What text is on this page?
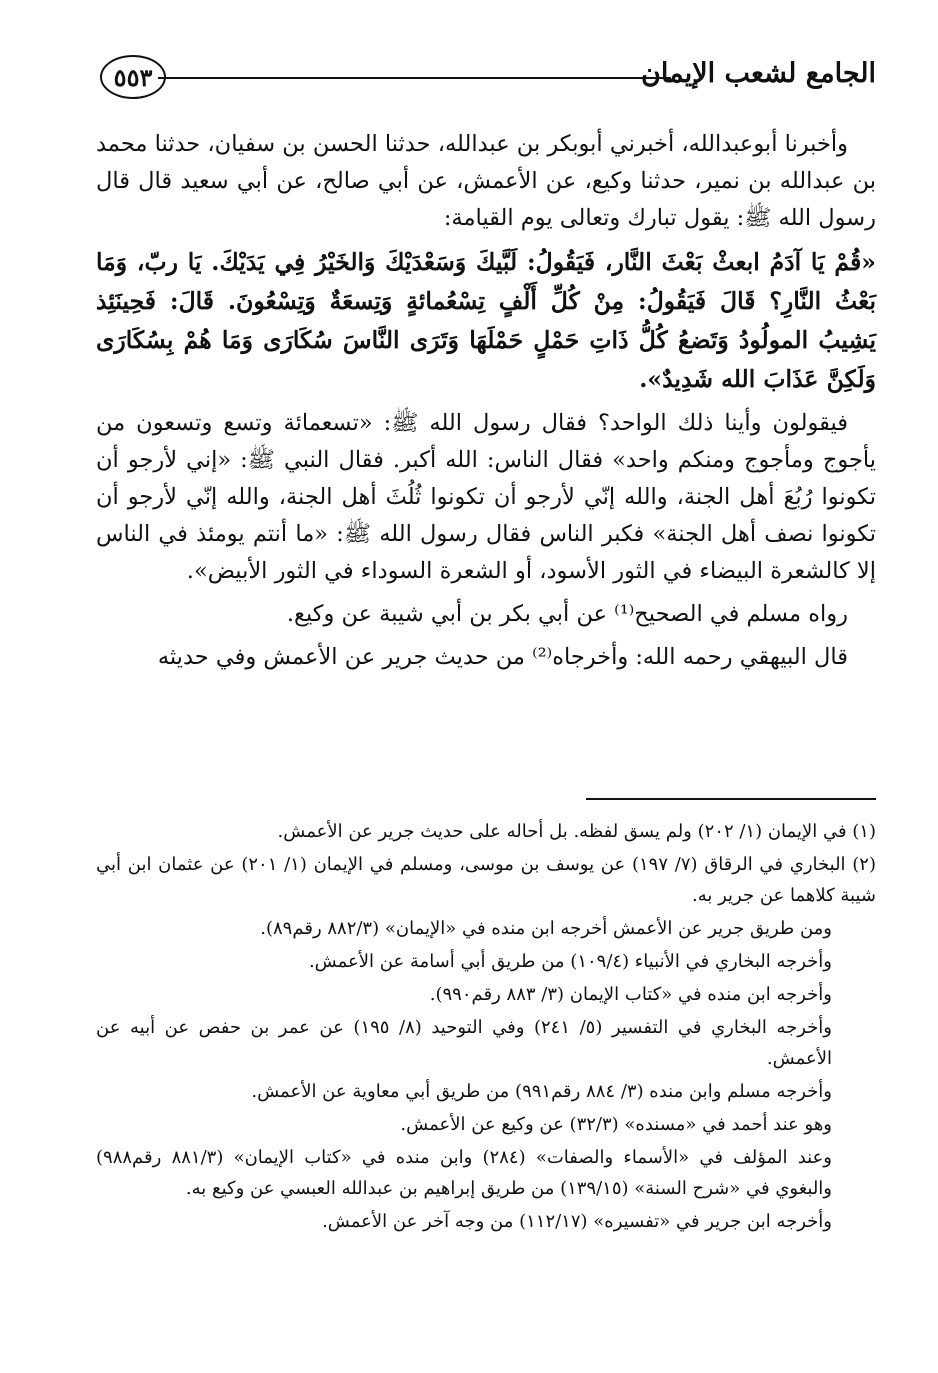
الجامع لشعب الإيمان
٥٥٣

وأخبرنا أبوعبدالله، أخبرني أبوبكر بن عبدالله، حدثنا الحسن بن سفيان، حدثنا محمد بن عبدالله بن نمير، حدثنا وكيع، عن الأعمش، عن أبي صالح، عن أبي سعيد قال قال رسول الله ﷺ: يقول تبارك وتعالى يوم القيامة:

«قُمْ يَا آدَمُ ابعثْ بَعْثَ النَّار، فَيَقُولُ: لَبَّيكَ وَسَعْدَيْكَ وَالخَيْرُ فِي يَدَيْكَ. يَا ربّ، وَمَا بَعْثُ النَّارِ؟ قَالَ فَيَقُولُ: مِنْ كُلِّ أَلْفٍ تِسْعُمائةٍ وَتِسعَةٌ وَتِسْعُونَ. قَالَ: فَحِينَئِذ يَشِيبُ المولُودُ وَتَضعُ كُلُّ ذَاتِ حَمْلٍ حَمْلَهَا وَتَرَى النَّاسَ سُكَارَى وَمَا هُمْ بِسُكَارَى وَلَكِنَّ عَذَابَ الله شَدِيدٌ».

فيقولون وأينا ذلك الواحد؟ فقال رسول الله ﷺ: «تسعمائة وتسع وتسعون من يأجوج ومأجوج ومنكم واحد» فقال الناس: الله أكبر. فقال النبي ﷺ: «إني لأرجو أن تكونوا رُبُعَ أهل الجنة، والله إنّي لأرجو أن تكونوا ثُلُثَ أهل الجنة، والله إنّي لأرجو أن تكونوا نصف أهل الجنة» فكبر الناس فقال رسول الله ﷺ: «ما أنتم يومئذ في الناس إلا كالشعرة البيضاء في الثور الأسود، أو الشعرة السوداء في الثور الأبيض».

رواه مسلم في الصحيح⁽¹⁾ عن أبي بكر بن أبي شيبة عن وكيع.

قال البيهقي رحمه الله: وأخرجاه⁽²⁾ من حديث جرير عن الأعمش وفي حديثه

(١) في الإيمان (١/ ٢٠٢) ولم يسق لفظه. بل أحاله على حديث جرير عن الأعمش.

(٢) البخاري في الرقاق (٧/ ١٩٧) عن يوسف بن موسى، ومسلم في الإيمان (١/ ٢٠١) عن عثمان ابن أبي شيبة كلاهما عن جرير به.

ومن طريق جرير عن الأعمش أخرجه ابن منده في «الإيمان» (٨٨٢/٣ رقم٨٩).

وأخرجه البخاري في الأنبياء (١٠٩/٤) من طريق أبي أسامة عن الأعمش.

وأخرجه ابن منده في «كتاب الإيمان (٣/ ٨٨٣ رقم٩٩٠).

وأخرجه البخاري في التفسير (٥/ ٢٤١) وفي التوحيد (٨/ ١٩٥) عن عمر بن حفص عن أبيه عن الأعمش.

وأخرجه مسلم وابن منده (٣/ ٨٨٤ رقم٩٩١) من طريق أبي معاوية عن الأعمش.

وهو عند أحمد في «مسنده» (٣٢/٣) عن وكيع عن الأعمش.

وعند المؤلف في «الأسماء والصفات» (٢٨٤) وابن منده في «كتاب الإيمان» (٨٨١/٣ رقم٩٨٨) والبغوي في «شرح السنة» (١٣٩/١٥) من طريق إبراهيم بن عبدالله العبسي عن وكيع به.

وأخرجه ابن جرير في «تفسيره» (١١٢/١٧) من وجه آخر عن الأعمش.
